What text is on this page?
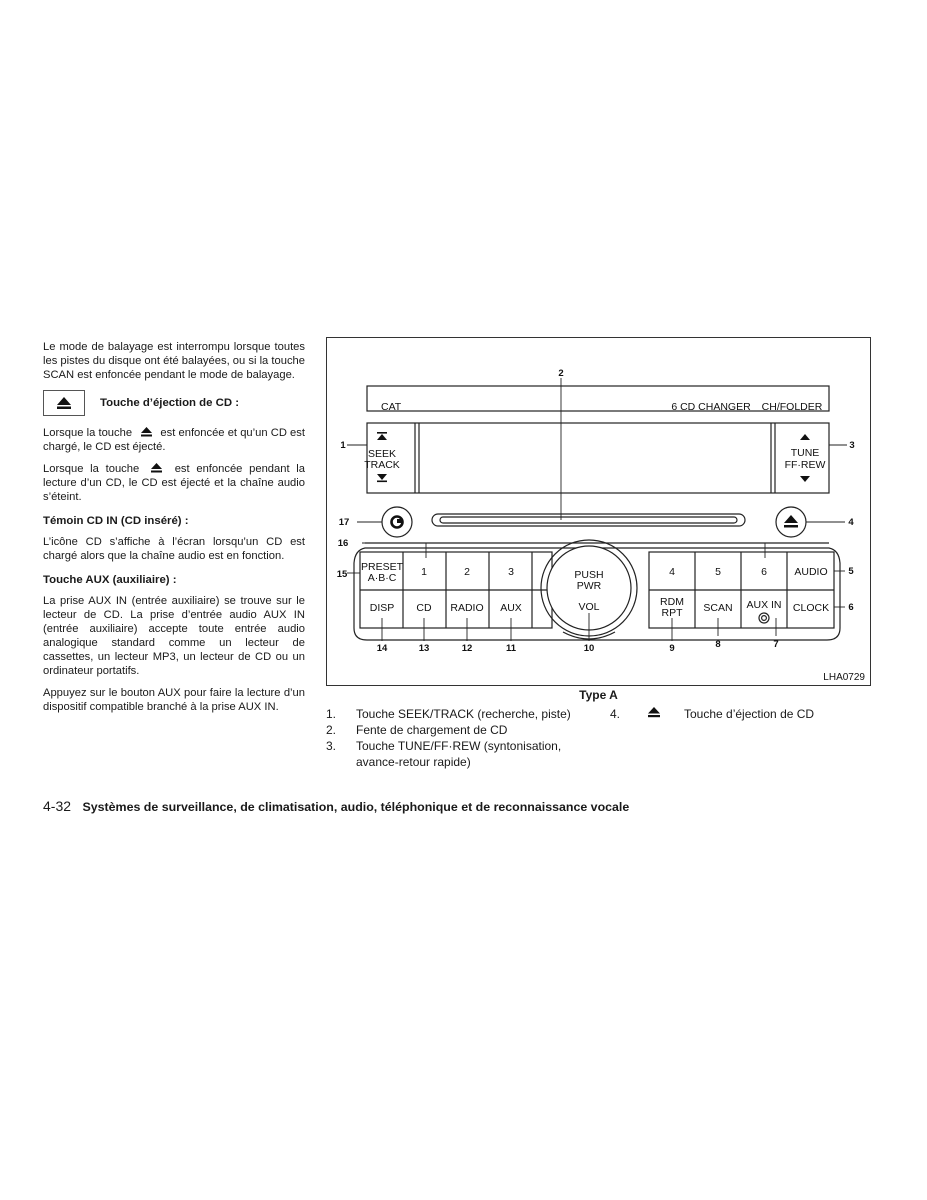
Le mode de balayage est interrompu lorsque toutes les pistes du disque ont été balayées, ou si la touche SCAN est enfoncée pendant le mode de balayage.

Touche d’éjection de CD :

Lorsque la touche	est enfoncée et qu’un CD est chargé, le CD est éjecté.

Lorsque la touche	est enfoncée pendant la lecture d’un CD, le CD est éjecté et la chaîne audio s’éteint.

Témoin CD IN (CD inséré) :

L’icône CD s’affiche à l’écran lorsqu’un CD est chargé alors que la chaîne audio est en fonction.

Touche AUX (auxiliaire) :

La prise AUX IN (entrée auxiliaire) se trouve sur le lecteur de CD. La prise d’entrée audio AUX IN (entrée auxiliaire) accepte toute entrée audio analogique standard comme un lecteur de cassettes, un lecteur MP3, un lecteur de CD ou un ordinateur portatifs.

Appuyez sur le bouton AUX pour faire la lecture d’un dispositif compatible branché à la prise AUX IN.

CAT	6 CD CHANGER CH/FOLDER
SEEK
TRACK
TUNE
FF·REW
PRESET
A·B·C 1	2	3	4	5	6	AUDIO
DISP CD RADIO AUX	RDM
RPT SCAN AUX IN CLOCK
PUSH
PWR
VOL
1
2
3
4
5
6
7
8
9
10
11
12
13
14
15
16
17
LHA0729
Type A
1.	Touche SEEK/TRACK (recherche, piste)
2.	Fente de chargement de CD
3.	Touche TUNE/FF·REW (syntonisation, avance-retour rapide)
4.	Touche d’éjection de CD
4-32 Systèmes de surveillance, de climatisation, audio, téléphonique et de reconnaissance vocale
